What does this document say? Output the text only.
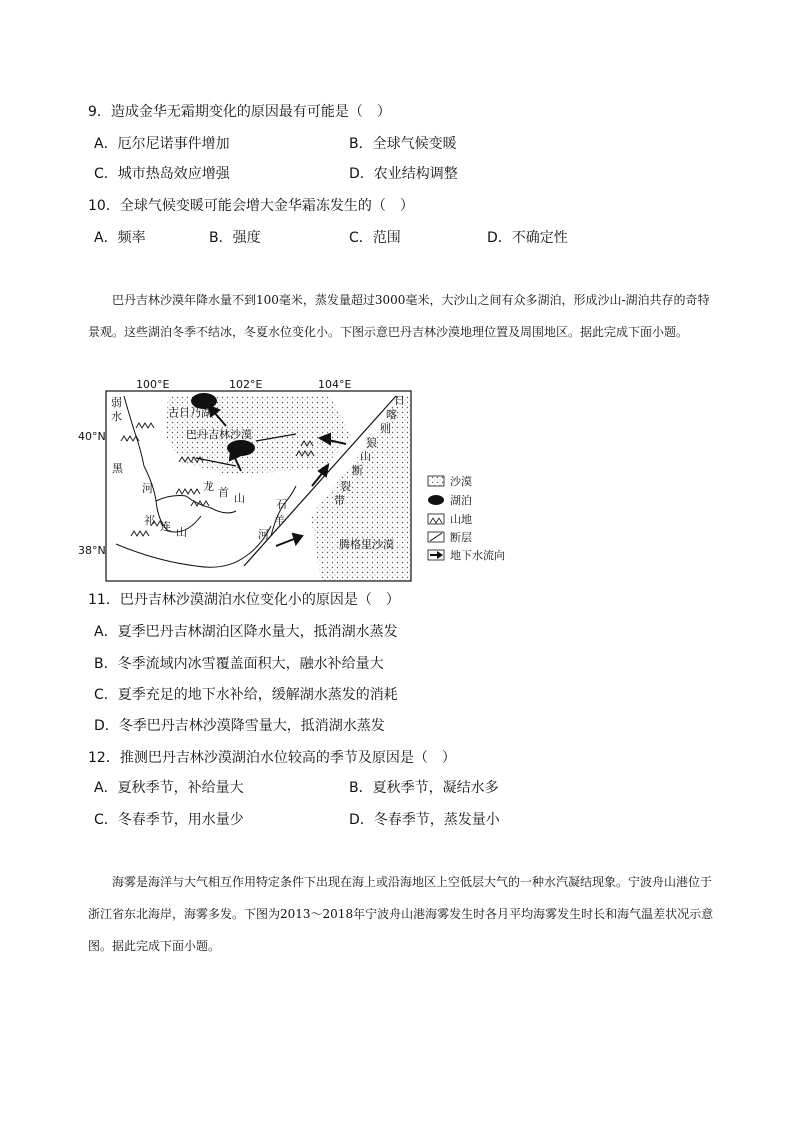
9．造成金华无霜期变化的原因最有可能是（　）
A．厄尔尼诺事件增加	B．全球气候变暖
C．城市热岛效应增强	D．农业结构调整
10．全球气候变暖可能会增大金华霜冻发生的（　）
A．频率	B．强度	C．范围	D．不确定性

巴丹吉林沙漠年降水量不到100毫米，蒸发量超过3000毫米，大沙山之间有众多湖泊，形成沙山-湖泊共存的奇特景观。这些湖泊冬季不结冰，冬夏水位变化小。下图示意巴丹吉林沙漠地理位置及周围地区。据此完成下面小题。

100°E	102°E	104°E
40°N
38°N
古日乃湖
巴丹吉林沙漠
腾格里沙漠
弱
水
黑
河	龙 首 山
祁 连 山
石
羊
河
日
喀
则
狼
山
断
裂
带
沙漠
湖泊
山地
断层
地下水流向
11．巴丹吉林沙漠湖泊水位变化小的原因是（　）
A．夏季巴丹吉林湖泊区降水量大，抵消湖水蒸发
B．冬季流域内冰雪覆盖面积大，融水补给量大
C．夏季充足的地下水补给，缓解湖水蒸发的消耗
D．冬季巴丹吉林沙漠降雪量大，抵消湖水蒸发
12．推测巴丹吉林沙漠湖泊水位较高的季节及原因是（　）
A．夏秋季节，补给量大	B．夏秋季节，凝结水多
C．冬春季节，用水量少	D．冬春季节，蒸发量小

海雾是海洋与大气相互作用特定条件下出现在海上或沿海地区上空低层大气的一种水汽凝结现象。宁波舟山港位于浙江省东北海岸，海雾多发。下图为2013～2018年宁波舟山港海雾发生时各月平均海雾发生时长和海气温差状况示意图。据此完成下面小题。
